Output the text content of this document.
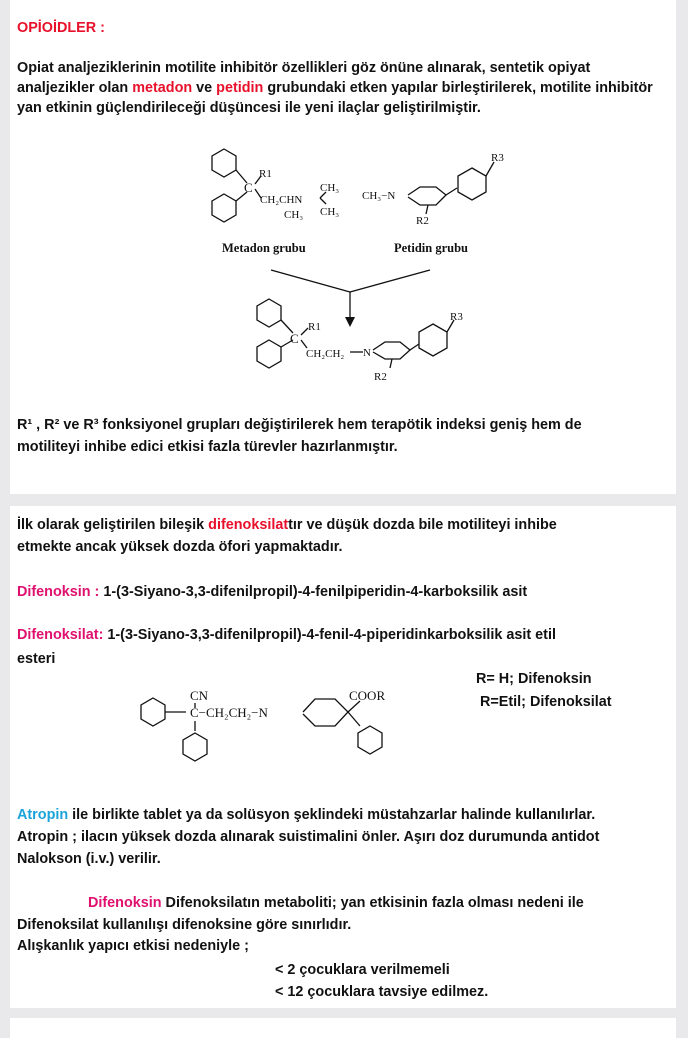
OPİOİDLER :
Opiat analjeziklerinin motilite inhibitör özellikleri göz önüne alınarak, sentetik opiyat
analjezikler olan metadon ve petidin grubundaki etken yapılar birleştirilerek, motilite inhibitör
yan etkinin güçlendirileceği düşüncesi ile yeni ilaçlar geliştirilmiştir.
C
R1
CH₂CHN
CH₃
CH₃
CH₃
Metadon grubu
CH₃−N
R3
R2
Petidin grubu
C
R1
CH₂CH₂ N
R3
R2
R¹ , R² ve R³ fonksiyonel grupları değiştirilerek hem terapötik indeksi geniş hem de
motiliteyi inhibe edici etkisi fazla türevler hazırlanmıştır.
İlk olarak geliştirilen bileşik difenoksilattır ve düşük dozda bile motiliteyi inhibe
etmekte ancak yüksek dozda öfori yapmaktadır.
Difenoksin : 1-(3-Siyano-3,3-difenilpropil)-4-fenilpiperidin-4-karboksilik asit
Difenoksilat: 1-(3-Siyano-3,3-difenilpropil)-4-fenil-4-piperidinkarboksilik asit etil
esteri
CN
C−CH₂CH₂−N
COOR
R= H; Difenoksin
R=Etil; Difenoksilat
Atropin ile birlikte tablet ya da solüsyon şeklindeki müstahzarlar halinde kullanılırlar.
Atropin ; ilacın yüksek dozda alınarak suistimalini önler. Aşırı doz durumunda antidot
Nalokson (i.v.) verilir.
Difenoksin Difenoksilatın metaboliti; yan etkisinin fazla olması nedeni ile
Difenoksilat kullanılışı difenoksine göre sınırlıdır.
Alışkanlık yapıcı etkisi nedeniyle ;
< 2 çocuklara verilmemeli
< 12 çocuklara tavsiye edilmez.
